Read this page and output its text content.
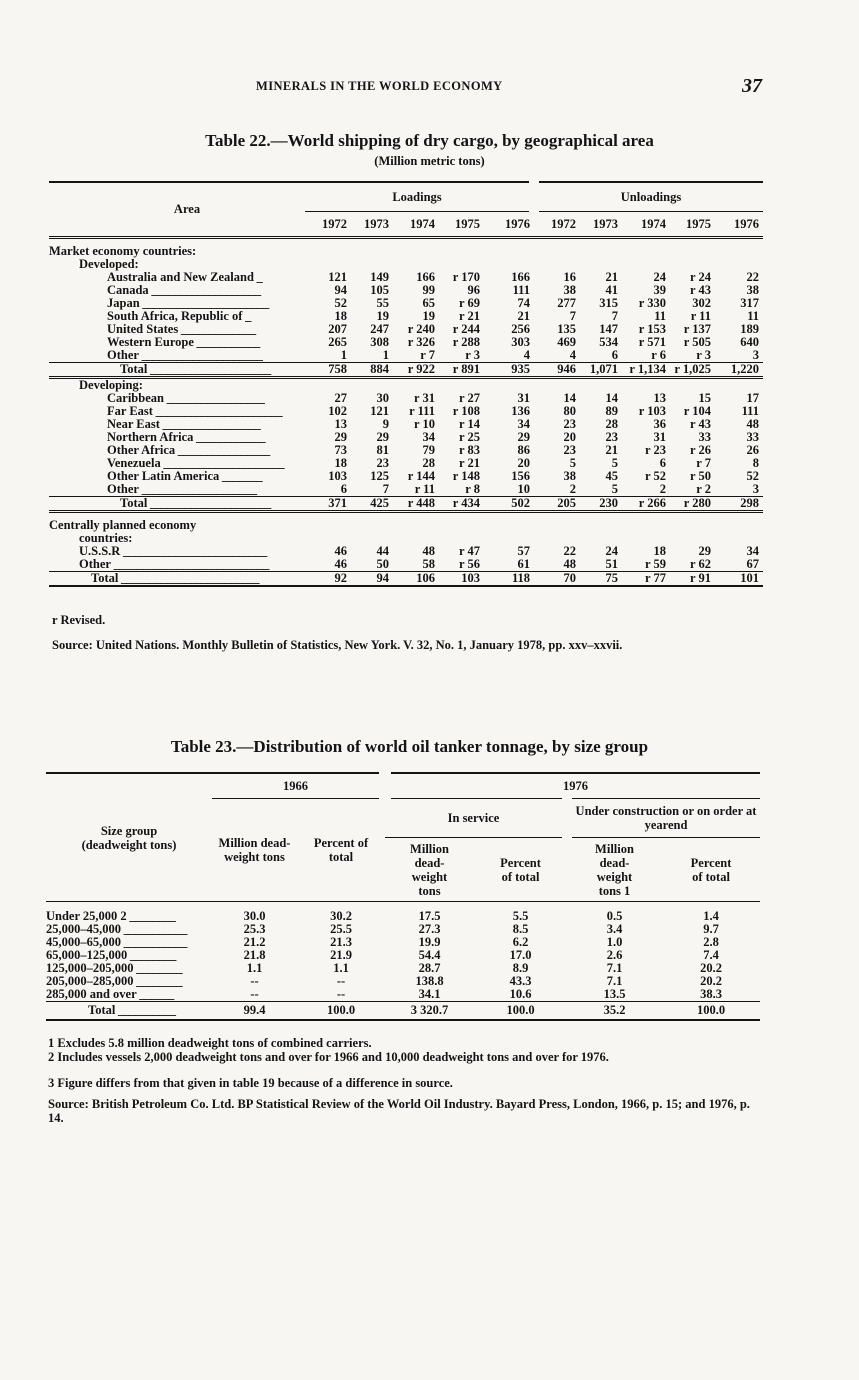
MINERALS IN THE WORLD ECONOMY	37
Table 22.—World shipping of dry cargo, by geographical area
(Million metric tons)
Area	Loadings					Unloadings				
	1972	1973	1974	1975	1976	1972	1973	1974	1975	1976

Market economy countries:										
Developed:										
Australia and New Zealand _	121	149	166	r 170	166	16	21	24	r 24	22
Canada ___________________	94	105	99	96	111	38	41	39	r 43	38
Japan ______________________	52	55	65	r 69	74	277	315	r 330	302	317
South Africa, Republic of _	18	19	19	r 21	21	7	7	11	r 11	11
United States _____________	207	247	r 240	r 244	256	135	147	r 153	r 137	189
Western Europe ___________	265	308	r 326	r 288	303	469	534	r 571	r 505	640
Other _____________________	1	1	r 7	r 3	4	4	6	r 6	r 3	3
Total _____________________	758	884	r 922	r 891	935	946	1,071	r 1,134	r 1,025	1,220
Developing:										
Caribbean _________________	27	30	r 31	r 27	31	14	14	13	15	17
Far East ______________________	102	121	r 111	r 108	136	80	89	r 103	r 104	111
Near East _________________	13	9	r 10	r 14	34	23	28	36	r 43	48
Northern Africa ____________	29	29	34	r 25	29	20	23	31	33	33
Other Africa ________________	73	81	79	r 83	86	23	21	r 23	r 26	26
Venezuela _____________________	18	23	28	r 21	20	5	5	6	r 7	8
Other Latin America _______	103	125	r 144	r 148	156	38	45	r 52	r 50	52
Other ____________________	6	7	r 11	r 8	10	2	5	2	r 2	3
Total _____________________	371	425	r 448	r 434	502	205	230	r 266	r 280	298
Centrally planned economy										
countries:										
U.S.S.R _________________________	46	44	48	r 47	57	22	24	18	29	34
Other ___________________________	46	50	58	r 56	61	48	51	r 59	r 62	67
Total ________________________	92	94	106	103	118	70	75	r 77	r 91	101
r Revised.
Source: United Nations. Monthly Bulletin of Statistics, New York. V. 32, No. 1, January 1978, pp. xxv–xxvii.
Table 23.—Distribution of world oil tanker tonnage, by size group
Size group
(deadweight tons)	1966		1976			
	Million dead- weight tons	Percent of total	In service		Under construction or on order at yearend	
			Million dead- weight tons	Percent of total	Million dead- weight tons 1	Percent of total

Under 25,000 2 ________	30.0	30.2	17.5	5.5	0.5	1.4
25,000–45,000 ___________	25.3	25.5	27.3	8.5	3.4	9.7
45,000–65,000 ___________	21.2	21.3	19.9	6.2	1.0	2.8
65,000–125,000 ________	21.8	21.9	54.4	17.0	2.6	7.4
125,000–205,000 ________	1.1	1.1	28.7	8.9	7.1	20.2
205,000–285,000 ________	--	--	138.8	43.3	7.1	20.2
285,000 and over ______	--	--	34.1	10.6	13.5	38.3
Total __________	99.4	100.0	3 320.7	100.0	35.2	100.0
1 Excludes 5.8 million deadweight tons of combined carriers.
2 Includes vessels 2,000 deadweight tons and over for 1966 and 10,000 deadweight tons and over for 1976.
3 Figure differs from that given in table 19 because of a difference in source.
Source: British Petroleum Co. Ltd. BP Statistical Review of the World Oil Industry. Bayard Press, London, 1966, p. 15; and 1976, p. 14.
